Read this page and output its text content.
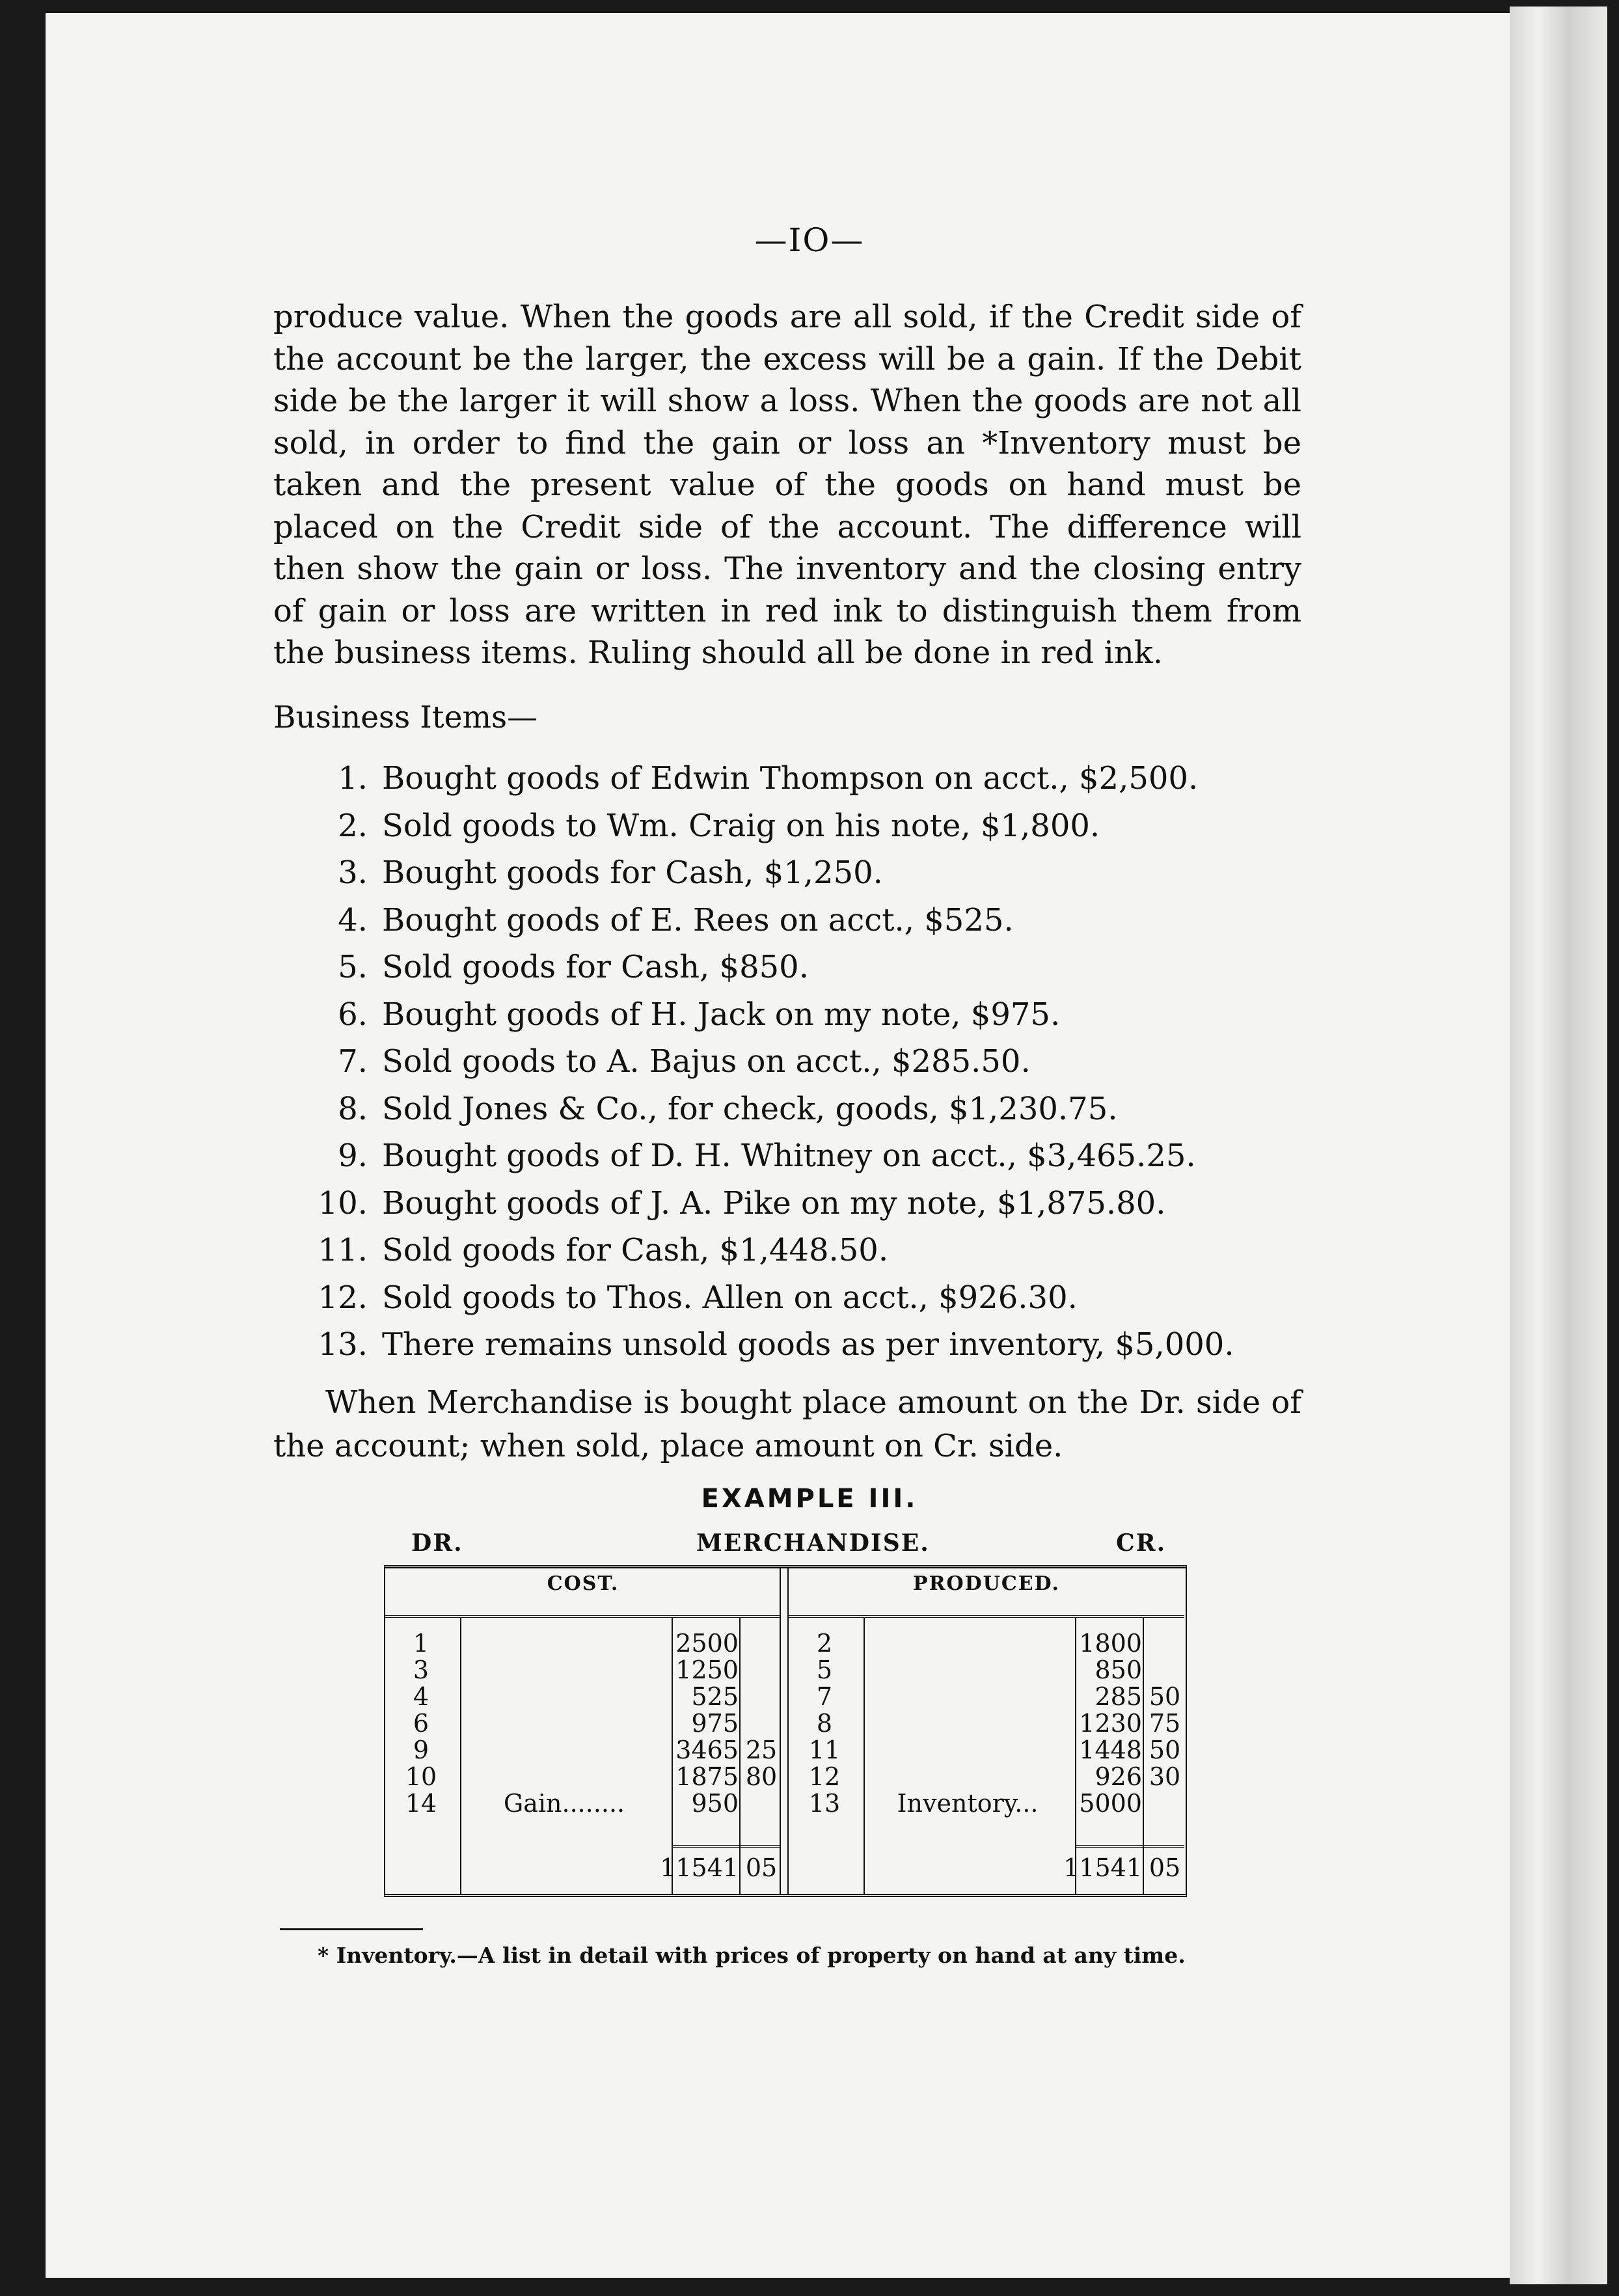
—IO—

produce value. When the goods are all sold, if the Credit side of the account be the larger, the excess will be a gain. If the Debit side be the larger it will show a loss. When the goods are not all sold, in order to find the gain or loss an *Inventory must be taken and the present value of the goods on hand must be placed on the Credit side of the account. The difference will then show the gain or loss. The inventory and the closing entry of gain or loss are written in red ink to distinguish them from the business items. Ruling should all be done in red ink.

Business Items—

1. Bought goods of Edwin Thompson on acct., $2,500.
2. Sold goods to Wm. Craig on his note, $1,800.
3. Bought goods for Cash, $1,250.
4. Bought goods of E. Rees on acct., $525.
5. Sold goods for Cash, $850.
6. Bought goods of H. Jack on my note, $975.
7. Sold goods to A. Bajus on acct., $285.50.
8. Sold Jones & Co., for check, goods, $1,230.75.
9. Bought goods of D. H. Whitney on acct., $3,465.25.
10. Bought goods of J. A. Pike on my note, $1,875.80.
11. Sold goods for Cash, $1,448.50.
12. Sold goods to Thos. Allen on acct., $926.30.
13. There remains unsold goods as per inventory, $5,000.

When Merchandise is bought place amount on the Dr. side of the account; when sold, place amount on Cr. side.

EXAMPLE III.
DR.	MERCHANDISE.	CR.
COST.
1	2500
3	1250
4	525
6	975
9	3465 25
10	1875 80
14	Gain........	950
11541 05
PRODUCED.
2	1800
5	850
7	285 50
8	1230 75
11	1448 50
12	926 30
13	Inventory...	5000
11541 05
* Inventory.—A list in detail with prices of property on hand at any time.
